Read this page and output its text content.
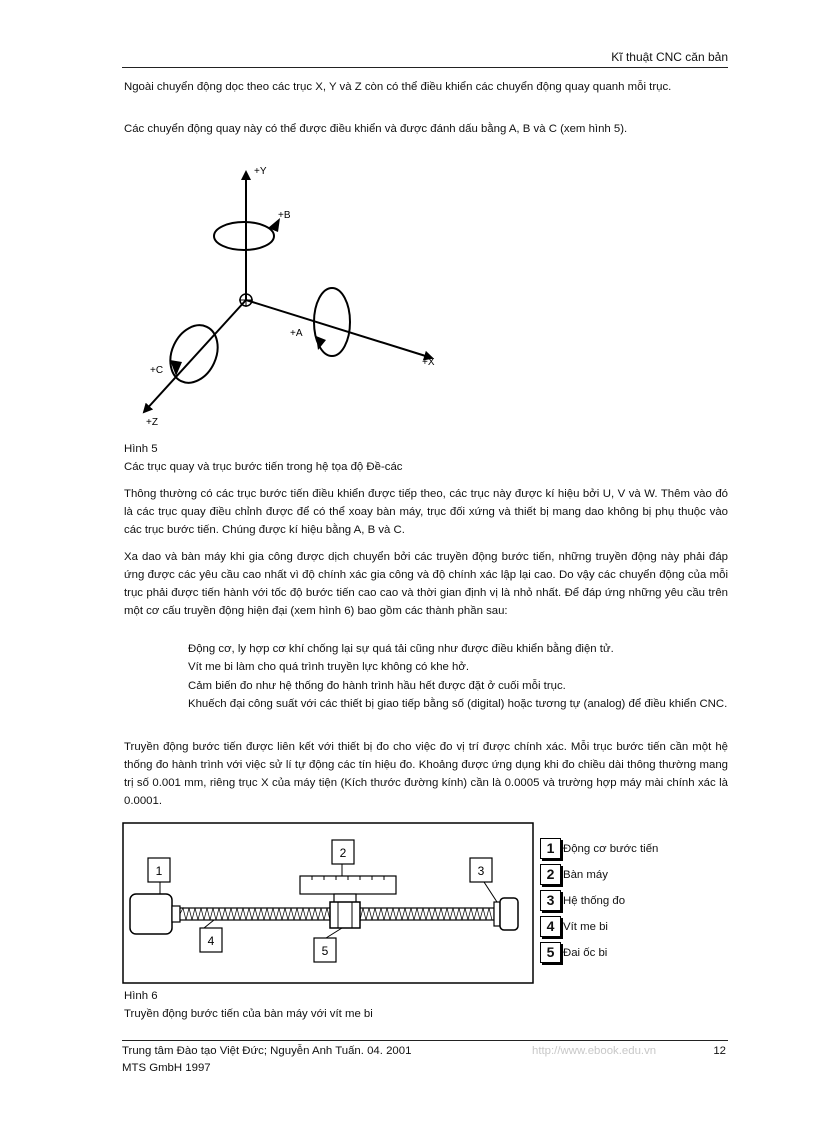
Kĩ thuật CNC căn bản

Ngoài chuyển động dọc theo các trục X, Y và Z còn có thể điều khiển các chuyển động quay quanh mỗi trục.

Các chuyển động quay này có thể được điều khiển và được đánh dấu bằng A, B và C (xem hình 5).

+Y
+B
+A
+X
+C
+Z

Hình 5

Các trục quay và trục bước tiến trong hệ tọa độ Đề-các

Thông thường có các trục bước tiến điều khiển được tiếp theo, các trục này được kí hiệu bởi U, V và W. Thêm vào đó là các trục quay điều chỉnh được để có thể xoay bàn máy, trục đối xứng và thiết bị mang dao không bị phụ thuộc vào các trục bước tiến. Chúng được kí hiệu bằng A, B và C.

Xa dao và bàn máy khi gia công được dịch chuyển bởi các truyền động bước tiến, những truyền động này phải đáp ứng được các yêu cầu cao nhất vì độ chính xác gia công và độ chính xác lập lại cao. Do vậy các chuyển động của mỗi trục phải được tiến hành với tốc độ bước tiến cao cao và thời gian định vị là nhỏ nhất. Để đáp ứng những yêu cầu trên một cơ cấu truyền động hiện đại (xem hình 6) bao gồm các thành phần sau:

Động cơ, ly hợp cơ khí chống lại sự quá tải cũng như được điều khiển bằng điện tử.

Vít me bi làm cho quá trình truyền lực không có khe hở.

Cảm biến đo như hệ thống đo hành trình hầu hết được đặt ở cuối mỗi trục.

Khuếch đại công suất với các thiết bị giao tiếp bằng số (digital) hoặc tương tự (analog) để điều khiển CNC.

Truyền động bước tiến được liên kết với thiết bị đo cho việc đo vị trí được chính xác. Mỗi trục bước tiến cần một hệ thống đo hành trình với việc sử lí tự động các tín hiệu đo. Khoảng được ứng dụng khi đo chiều dài thông thường mang trị số 0.001 mm, riêng trục X của máy tiện (Kích thước đường kính) cần là 0.0005 và trường hợp máy mài chính xác là 0.0001.

1
2
3
4
5
1 Động cơ bước tiến
2 Bàn máy
3 Hệ thống đo
4 Vít me bi
5 Đai ốc bi

Hình 6

Truyền động bước tiến của bàn máy với vít me bi

Trung tâm Đào tạo Việt Đức; Nguyễn Anh Tuấn. 04. 2001
MTS GmbH 1997
http://www.ebook.edu.vn	12
